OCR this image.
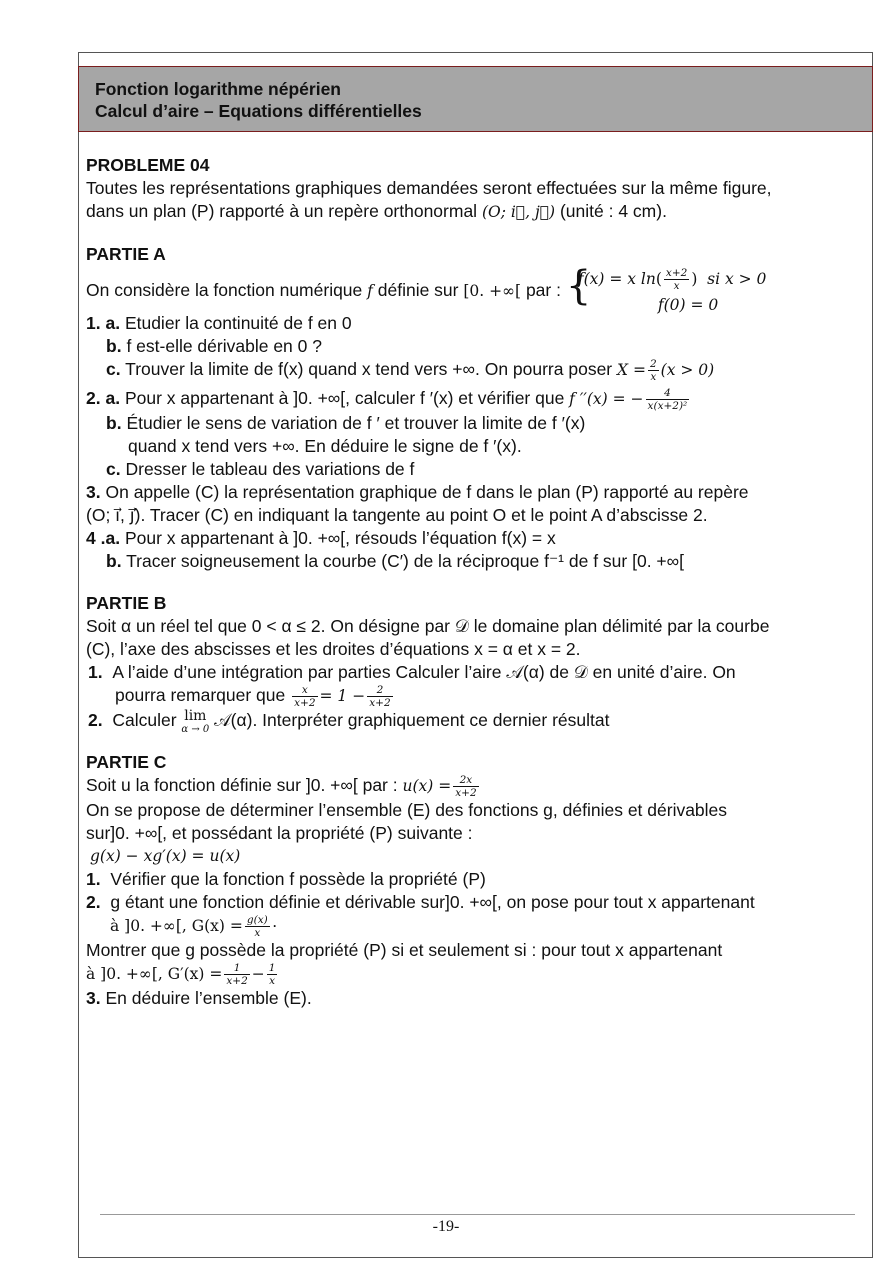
Fonction logarithme népérien
Calcul d’aire – Equations différentielles
PROBLEME 04
Toutes les représentations graphiques demandées seront effectuées sur la même figure,
dans un plan (P) rapporté à un repère orthonormal (O; i⃗, j⃗) (unité : 4 cm).
PARTIE A
On considère la fonction numérique f définie sur [0. +∞[ par : {
f(x) = x $\ln( \frac{x+2}{x}$ ) si x > 0
f(0) = 0
1. a. Etudier la continuité de f en 0
b. f est-elle dérivable en 0 ?
c. Trouver la limite de f(x) quand x tend vers +∞. On pourra poser $X = \frac{2}{x} (x > 0)$
2. a. Pour x appartenant à ]0. +∞[, calculer f ′(x) et vérifier que f ′′(x) = − $\frac{4}{\text{x(x+2)²}}$
b. Étudier le sens de variation de f ′ et trouver la limite de f ′(x)
quand x tend vers +∞. En déduire le signe de f ′(x).
c. Dresser le tableau des variations de f
3. On appelle (C) la représentation graphique de f dans le plan (P) rapporté au repère
(O; i⃗, j⃗). Tracer (C) en indiquant la tangente au point O et le point A d’abscisse 2.
4 .a. Pour x appartenant à ]0. +∞[, résouds l’équation f(x) = x
b. Tracer soigneusement la courbe (C′) de la réciproque f⁻¹ de f sur [0. +∞[
PARTIE B
Soit α un réel tel que 0 < α ≤ 2. On désigne par 𝒟 le domaine plan délimité par la courbe
(C), l’axe des abscisses et les droites d’équations x = α et x = 2.
1. A l’aide d’une intégration par parties Calculer l’aire 𝒜(α) de 𝒟 en unité d’aire. On
pourra remarquer que $\frac{x}{x+2} = 1 - \frac{2}{x+2}$
2. Calculer lim
α → 0 𝒜(α). Interpréter graphiquement ce dernier résultat
PARTIE C
Soit u la fonction définie sur ]0. +∞[ par : $u(x) = \frac{2x}{x+2}$
On se propose de déterminer l’ensemble (E) des fonctions g, définies et dérivables
sur]0. +∞[, et possédant la propriété (P) suivante :
g(x) − xg′(x) = u(x)
1. Vérifier que la fonction f possède la propriété (P)
2. g étant une fonction définie et dérivable sur]0. +∞[, on pose pour tout x appartenant
à ]0. +∞[, $G(x) = \frac{g(x)}{x}$ ·
Montrer que g possède la propriété (P) si et seulement si : pour tout x appartenant
à ]0. +∞[, $G'(x) = \frac{1}{x+2} - \frac{1}{x}$
3. En déduire l’ensemble (E).
-19-
